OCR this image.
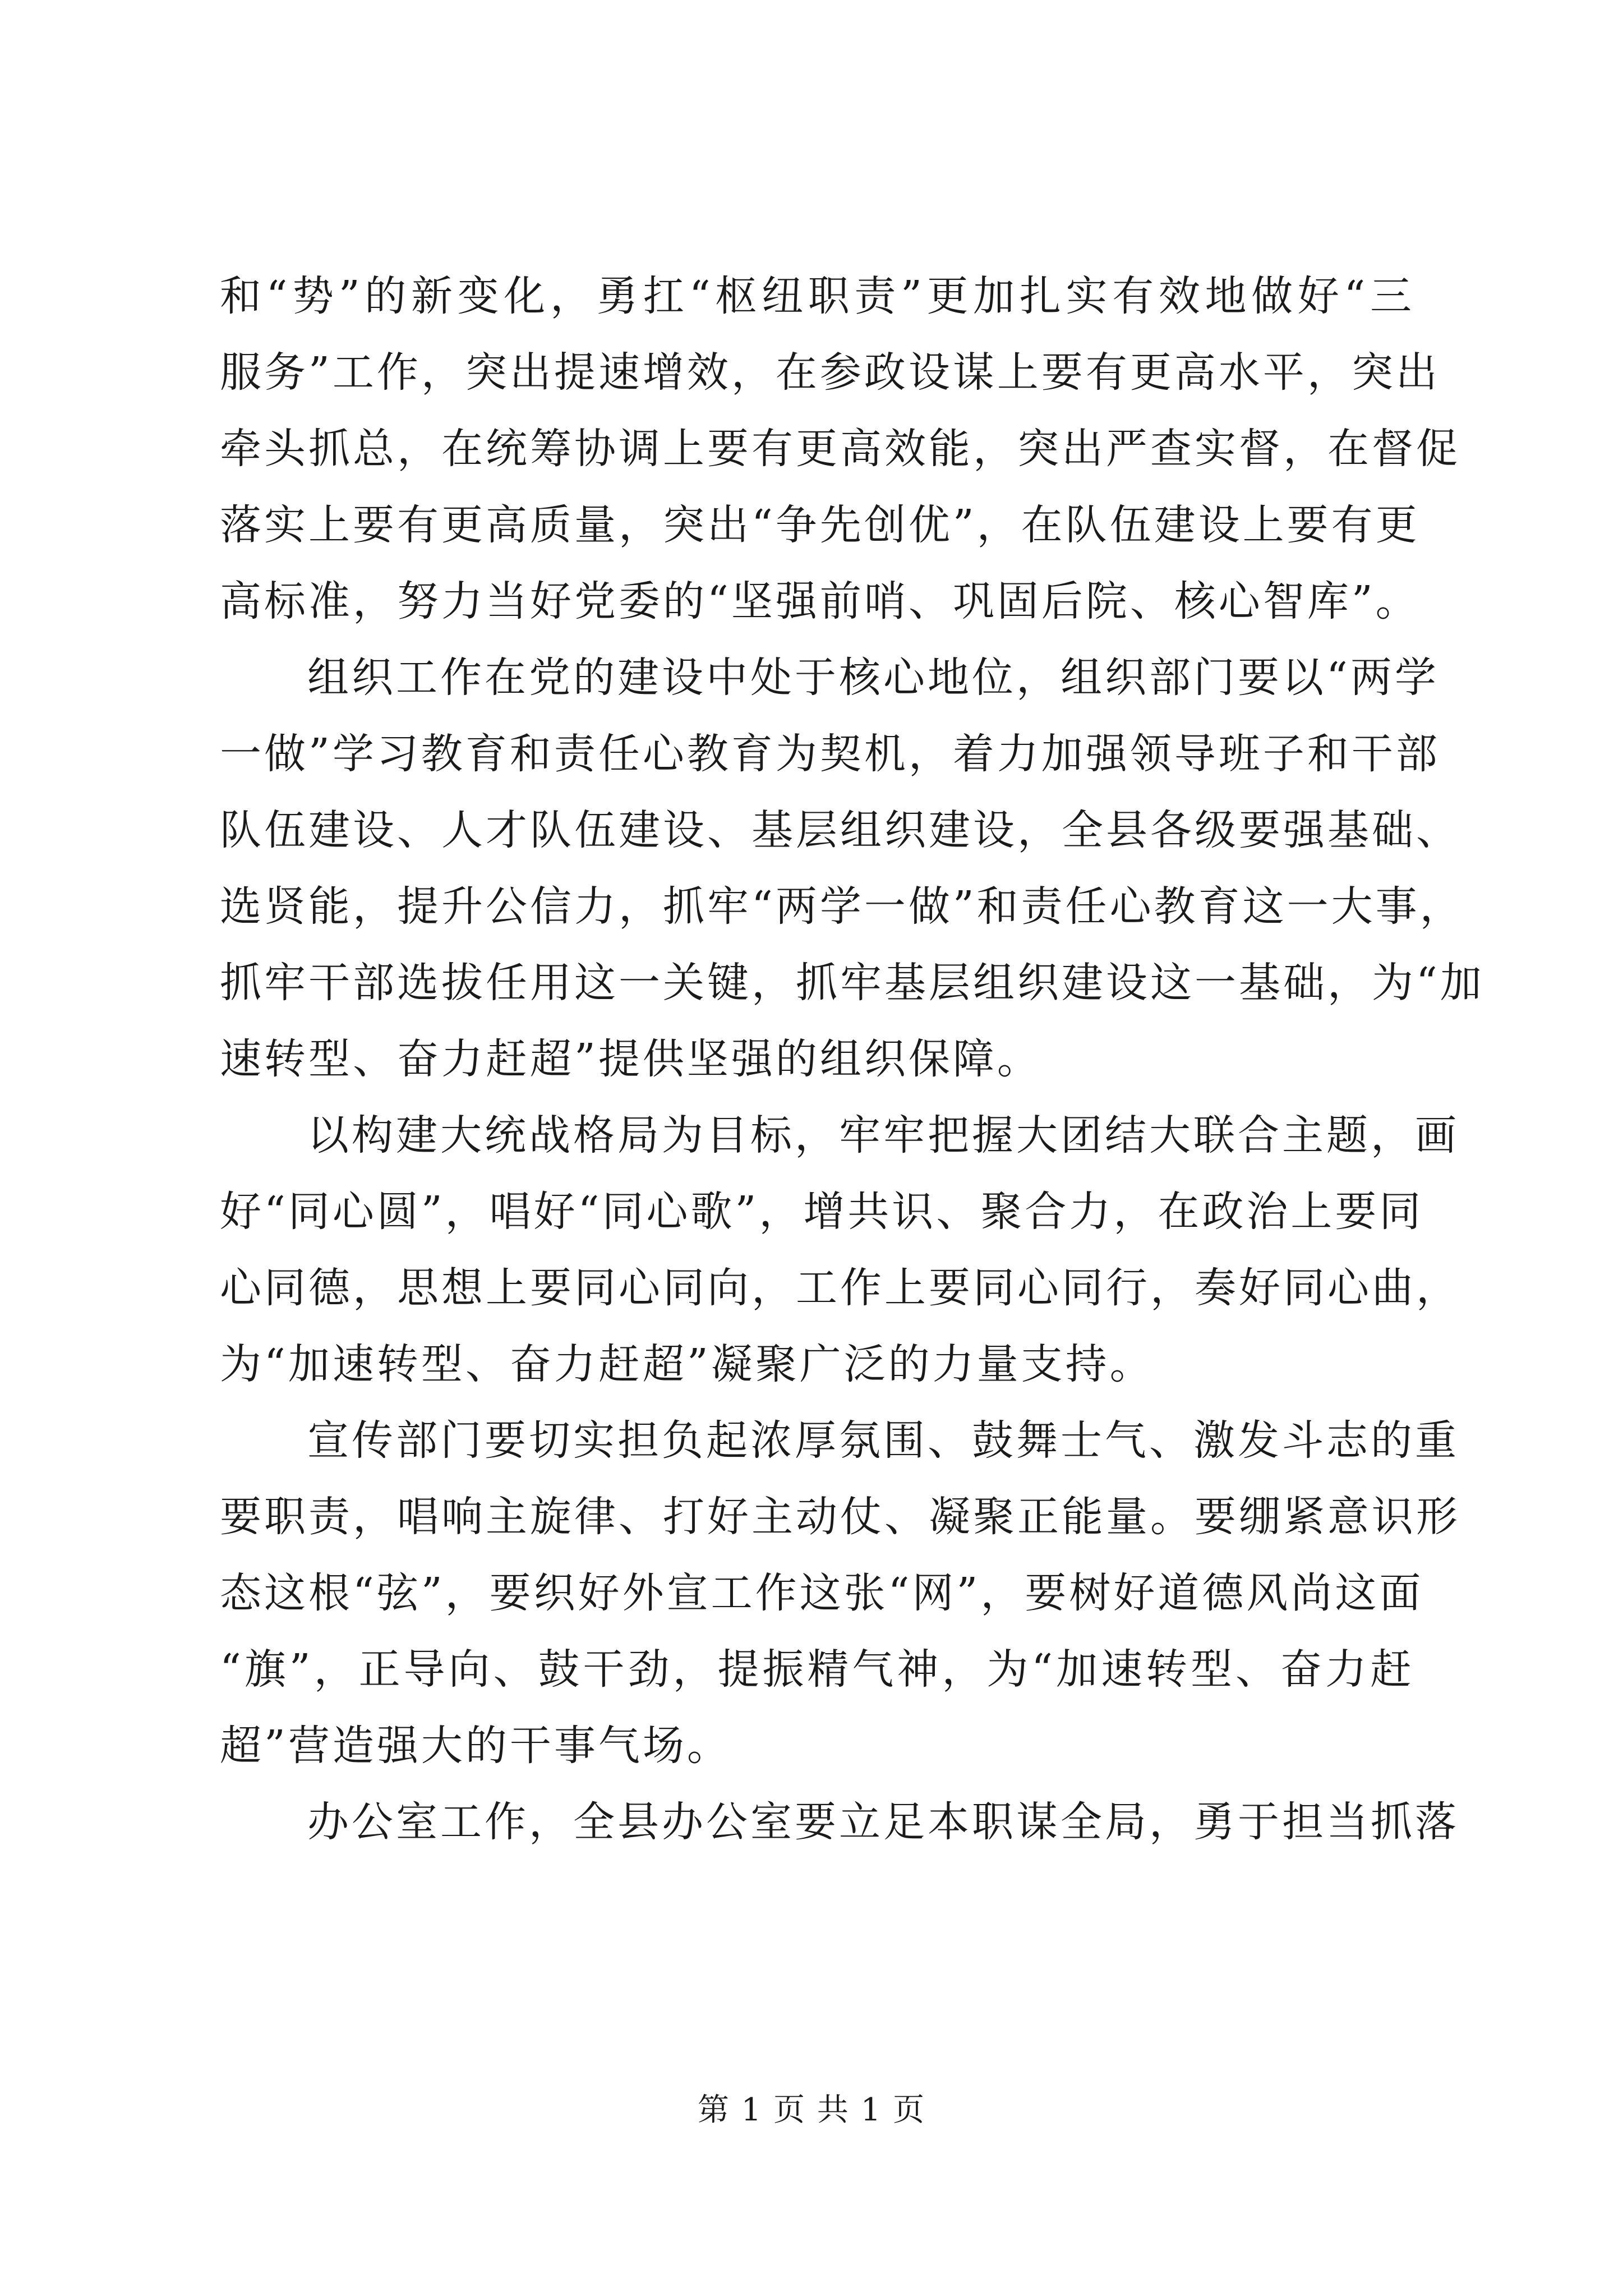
和“势”的新变化，勇扛“枢纽职责”更加扎实有效地做好“三
服务”工作，突出提速增效，在参政设谋上要有更高水平，突出
牵头抓总，在统筹协调上要有更高效能，突出严查实督，在督促
落实上要有更高质量，突出“争先创优”，在队伍建设上要有更
高标准，努力当好党委的“坚强前哨、巩固后院、核心智库”。
组织工作在党的建设中处于核心地位，组织部门要以“两学
一做”学习教育和责任心教育为契机，着力加强领导班子和干部
队伍建设、人才队伍建设、基层组织建设，全县各级要强基础、
选贤能，提升公信力，抓牢“两学一做”和责任心教育这一大事，
抓牢干部选拔任用这一关键，抓牢基层组织建设这一基础，为“加
速转型、奋力赶超”提供坚强的组织保障。
以构建大统战格局为目标，牢牢把握大团结大联合主题，画
好“同心圆”，唱好“同心歌”，增共识、聚合力，在政治上要同
心同德，思想上要同心同向，工作上要同心同行，奏好同心曲，
为“加速转型、奋力赶超”凝聚广泛的力量支持。
宣传部门要切实担负起浓厚氛围、鼓舞士气、激发斗志的重
要职责，唱响主旋律、打好主动仗、凝聚正能量。要绷紧意识形
态这根“弦”，要织好外宣工作这张“网”，要树好道德风尚这面
“旗”，正导向、鼓干劲，提振精气神，为“加速转型、奋力赶
超”营造强大的干事气场。
办公室工作，全县办公室要立足本职谋全局，勇于担当抓落
第 1 页 共 1 页
